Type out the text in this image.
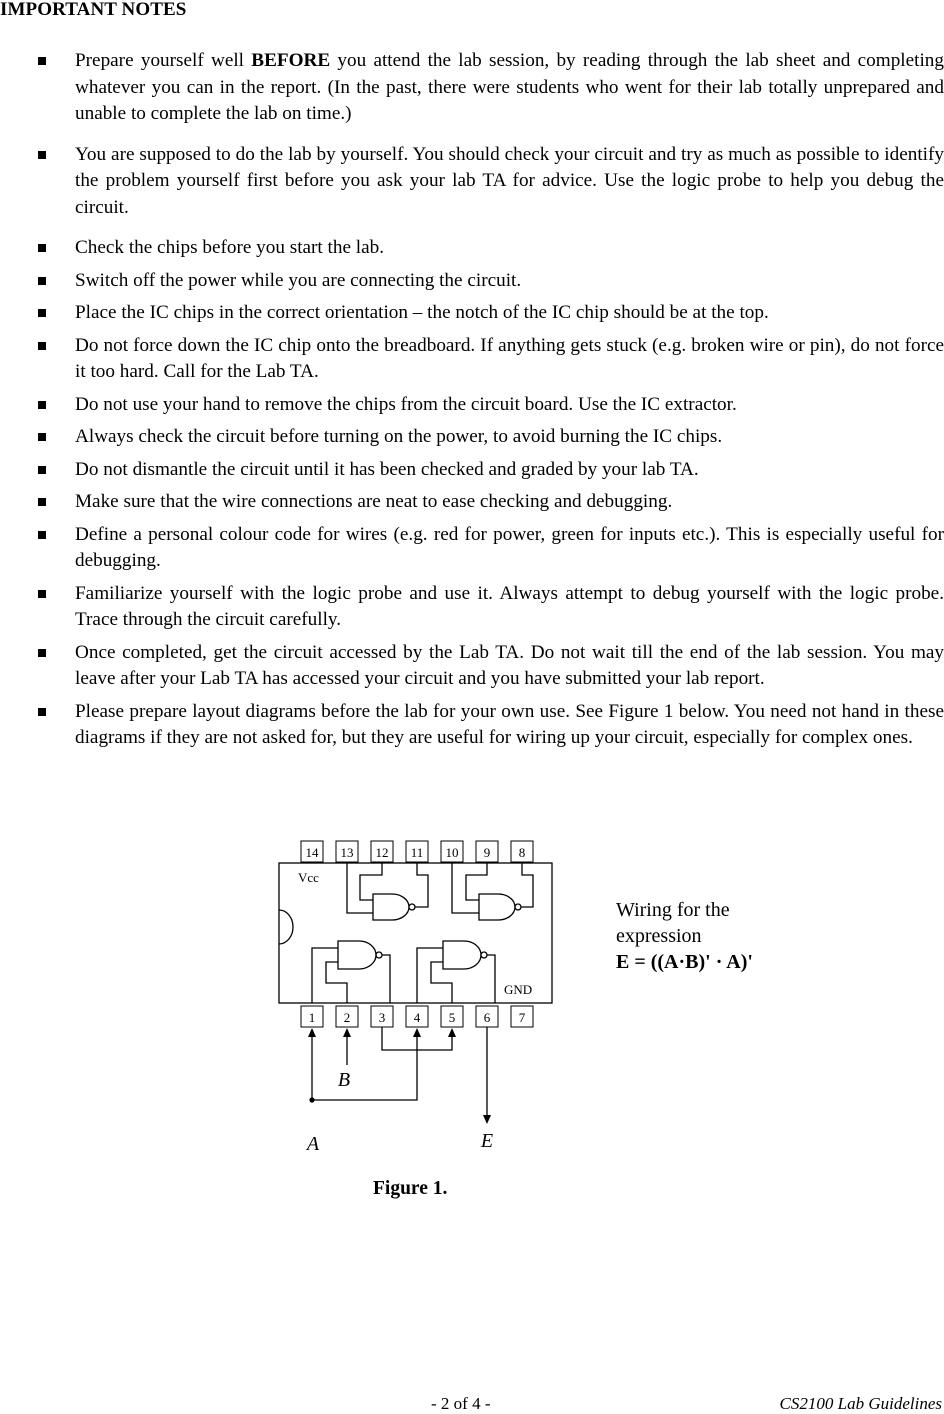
IMPORTANT NOTES
Prepare yourself well BEFORE you attend the lab session, by reading through the lab sheet and completing whatever you can in the report. (In the past, there were students who went for their lab totally unprepared and unable to complete the lab on time.)
You are supposed to do the lab by yourself. You should check your circuit and try as much as possible to identify the problem yourself first before you ask your lab TA for advice. Use the logic probe to help you debug the circuit.
Check the chips before you start the lab.
Switch off the power while you are connecting the circuit.
Place the IC chips in the correct orientation – the notch of the IC chip should be at the top.
Do not force down the IC chip onto the breadboard. If anything gets stuck (e.g. broken wire or pin), do not force it too hard. Call for the Lab TA.
Do not use your hand to remove the chips from the circuit board. Use the IC extractor.
Always check the circuit before turning on the power, to avoid burning the IC chips.
Do not dismantle the circuit until it has been checked and graded by your lab TA.
Make sure that the wire connections are neat to ease checking and debugging.
Define a personal colour code for wires (e.g. red for power, green for inputs etc.). This is especially useful for debugging.
Familiarize yourself with the logic probe and use it. Always attempt to debug yourself with the logic probe. Trace through the circuit carefully.
Once completed, get the circuit accessed by the Lab TA. Do not wait till the end of the lab session. You may leave after your Lab TA has accessed your circuit and you have submitted your lab report.
Please prepare layout diagrams before the lab for your own use. See Figure 1 below. You need not hand in these diagrams if they are not asked for, but they are useful for wiring up your circuit, especially for complex ones.
14 13 12 11 10 9 8
1 2 3 4 5 6 7
Vcc
GND
B
A	E
Wiring for the
expression
E = ((A·B)' · A)'
Figure 1.
- 2 of 4 -	CS2100 Lab Guidelines
